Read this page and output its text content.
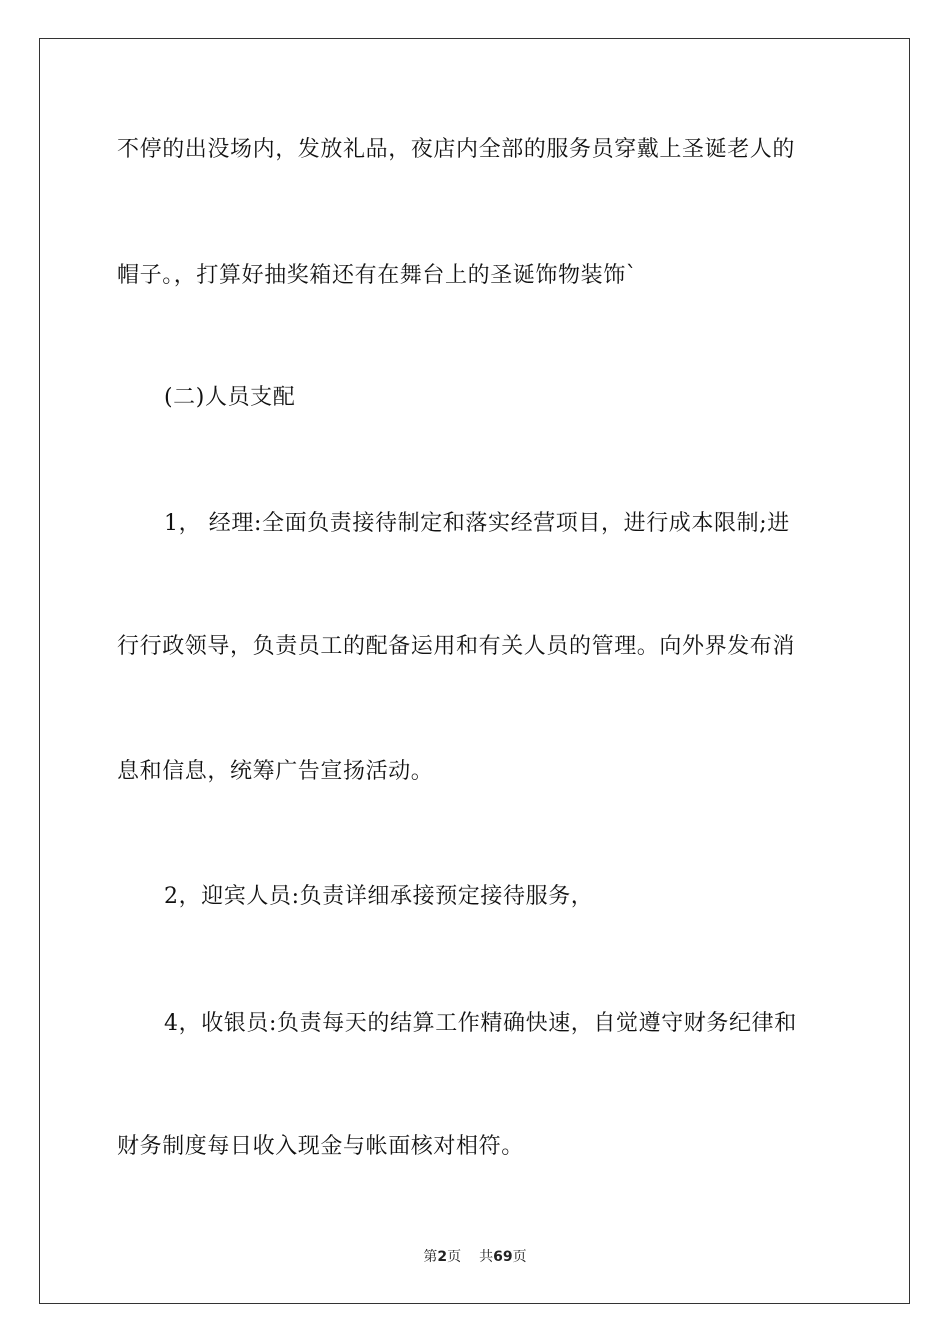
不停的出没场内，发放礼品，夜店内全部的服务员穿戴上圣诞老人的
帽子。，打算好抽奖箱还有在舞台上的圣诞饰物装饰`
(二)人员支配
1， 经理:全面负责接待制定和落实经营项目，进行成本限制;进
行行政领导，负责员工的配备运用和有关人员的管理。向外界发布消
息和信息，统筹广告宣扬活动。
2，迎宾人员:负责详细承接预定接待服务，
4，收银员:负责每天的结算工作精确快速，自觉遵守财务纪律和
财务制度每日收入现金与帐面核对相符。
第2页 共69页
